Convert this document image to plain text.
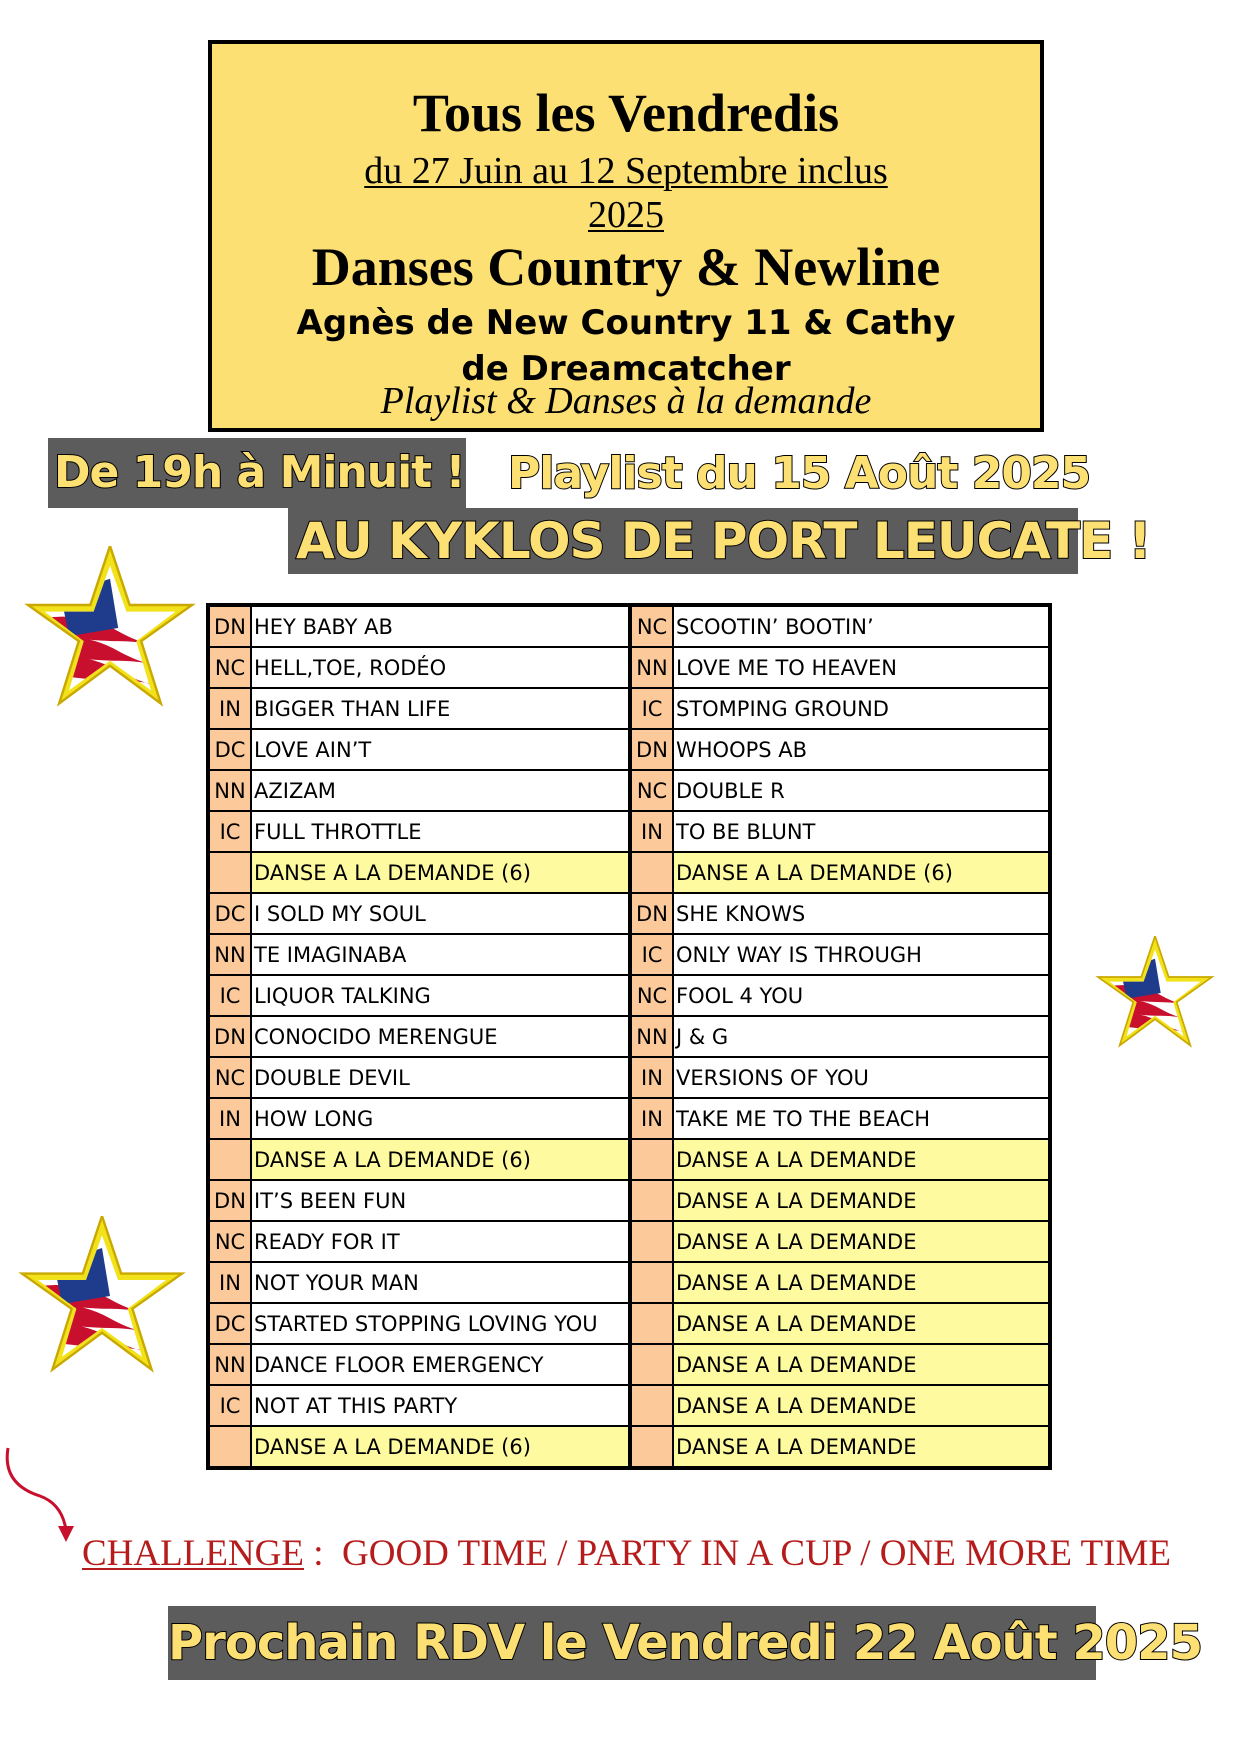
Tous les Vendredis
du 27 Juin au 12 Septembre inclus
2025
Danses Country & Newline
Agnès de New Country 11 & Cathy de Dreamcatcher
Playlist & Danses à la demande
De 19h à Minuit ! Playlist du 15 Août 2025
AU KYKLOS DE PORT LEUCATE !
DN	HEY BABY AB	NC	SCOOTIN’ BOOTIN’
NC	HELL,TOE, RODÉO	NN	LOVE ME TO HEAVEN
IN	BIGGER THAN LIFE	IC	STOMPING GROUND
DC	LOVE AIN’T	DN	WHOOPS AB
NN	AZIZAM	NC	DOUBLE R
IC	FULL THROTTLE	IN	TO BE BLUNT
	DANSE A LA DEMANDE (6)		DANSE A LA DEMANDE (6)
DC	I SOLD MY SOUL	DN	SHE KNOWS
NN	TE IMAGINABA	IC	ONLY WAY IS THROUGH
IC	LIQUOR TALKING	NC	FOOL 4 YOU
DN	CONOCIDO MERENGUE	NN	J & G
NC	DOUBLE DEVIL	IN	VERSIONS OF YOU
IN	HOW LONG	IN	TAKE ME TO THE BEACH
	DANSE A LA DEMANDE (6)		DANSE A LA DEMANDE
DN	IT’S BEEN FUN		DANSE A LA DEMANDE
NC	READY FOR IT		DANSE A LA DEMANDE
IN	NOT YOUR MAN		DANSE A LA DEMANDE
DC	STARTED STOPPING LOVING YOU		DANSE A LA DEMANDE
NN	DANCE FLOOR EMERGENCY		DANSE A LA DEMANDE
IC	NOT AT THIS PARTY		DANSE A LA DEMANDE
	DANSE A LA DEMANDE (6)		DANSE A LA DEMANDE
CHALLENGE :  GOOD TIME / PARTY IN A CUP / ONE MORE TIME
Prochain RDV le Vendredi 22 Août 2025
